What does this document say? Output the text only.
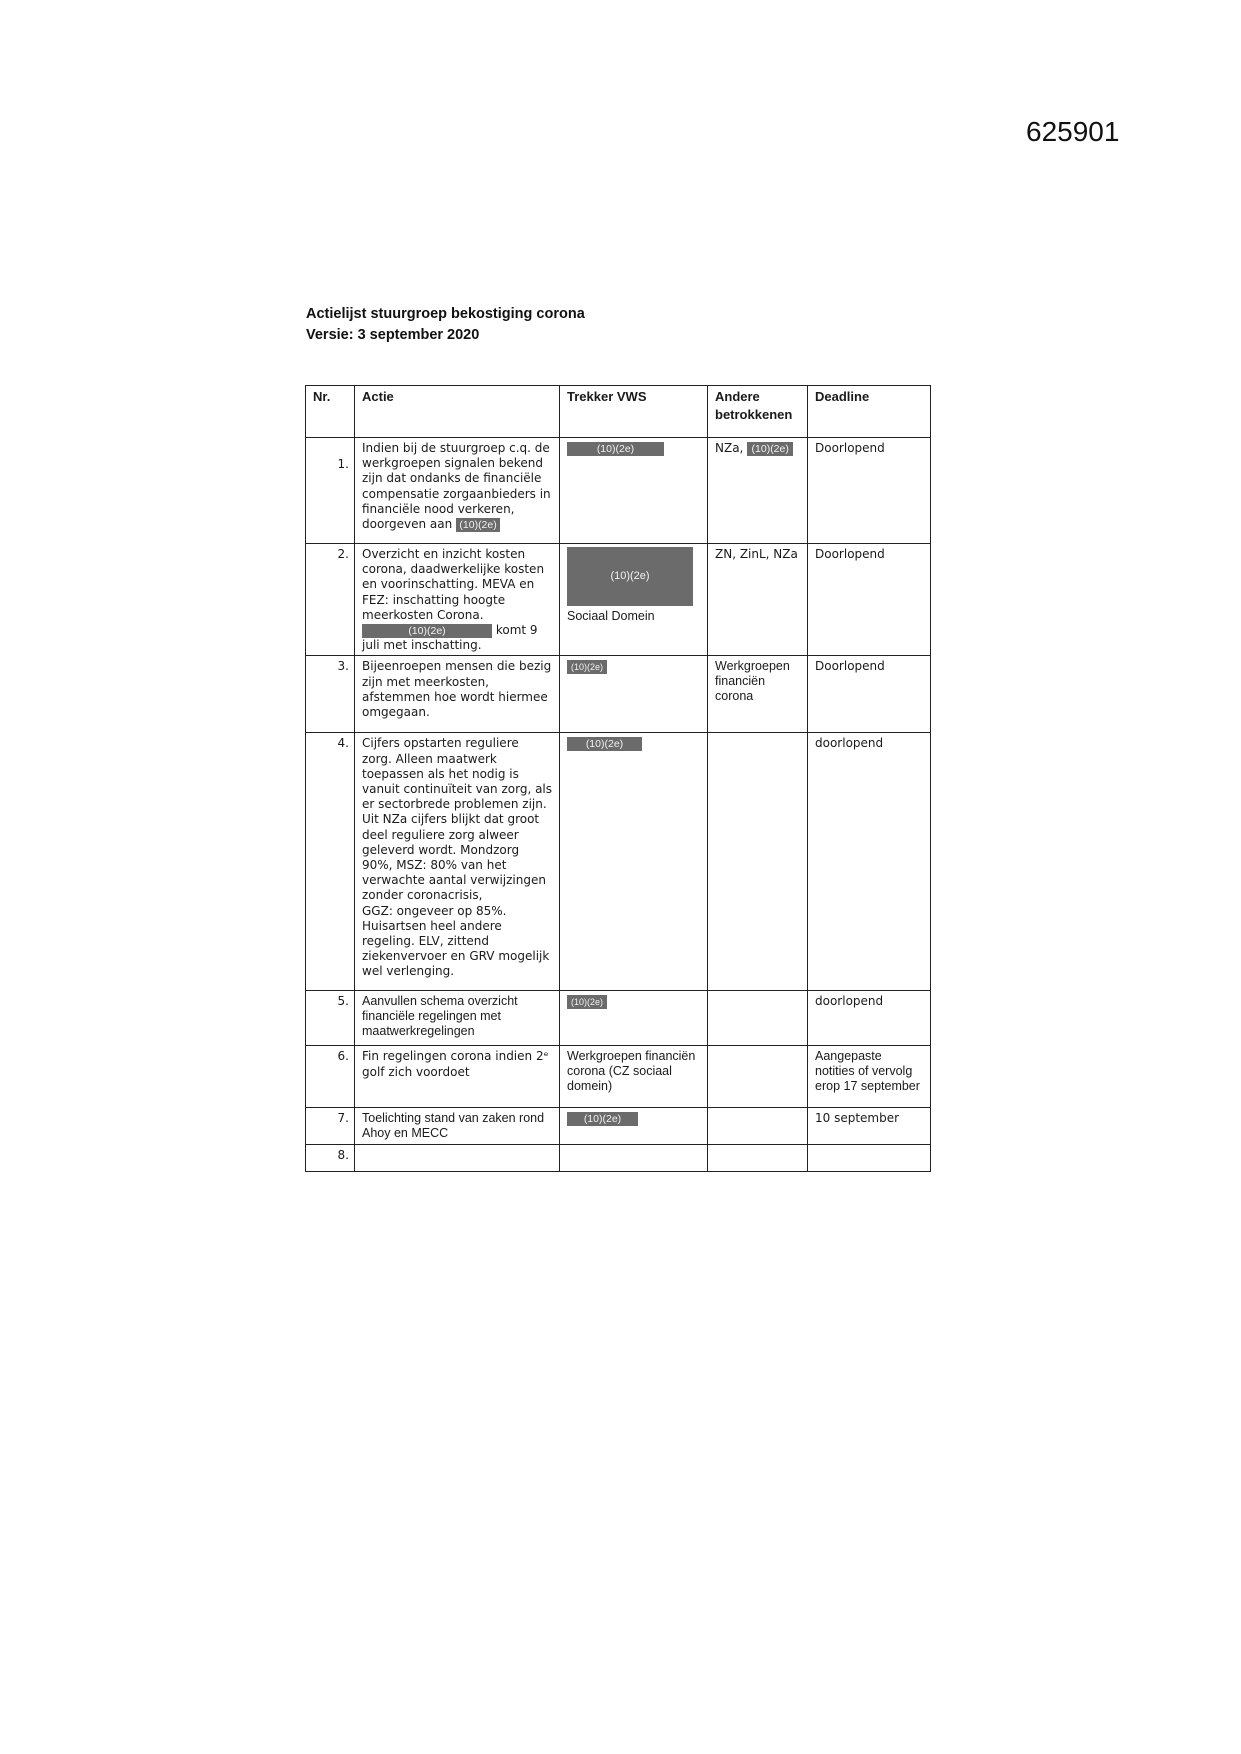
625901
Actielijst stuurgroep bekostiging corona
Versie: 3 september 2020
Nr.	Actie	Trekker VWS	Andere betrokkenen	Deadline
1.	Indien bij de stuurgroep c.q. de werkgroepen signalen bekend zijn dat ondanks de financiële compensatie zorgaanbieders in financiële nood verkeren, doorgeven aan (10)(2e)	(10)(2e)	NZa, (10)(2e)	Doorlopend
2.	Overzicht en inzicht kosten corona, daadwerkelijke kosten en voorinschatting. MEVA en FEZ: inschatting hoogte meerkosten Corona. (10)(2e) komt 9 juli met inschatting.	(10)(2e)
Sociaal Domein	ZN, ZinL, NZa	Doorlopend
3.	Bijeenroepen mensen die bezig zijn met meerkosten, afstemmen hoe wordt hiermee omgegaan.	(10)(2e)	Werkgroepen financiën corona	Doorlopend
4.	Cijfers opstarten reguliere zorg. Alleen maatwerk toepassen als het nodig is vanuit continuïteit van zorg, als er sectorbrede problemen zijn. Uit NZa cijfers blijkt dat groot deel reguliere zorg alweer geleverd wordt. Mondzorg 90%, MSZ: 80% van het verwachte aantal verwijzingen zonder coronacrisis,
GGZ: ongeveer op 85%.
Huisartsen heel andere regeling. ELV, zittend ziekenvervoer en GRV mogelijk wel verlenging.	(10)(2e)		doorlopend
5.	Aanvullen schema overzicht financiële regelingen met maatwerkregelingen	(10)(2e)		doorlopend
6.	Fin regelingen corona indien 2ᵉ golf zich voordoet	Werkgroepen financiën corona (CZ sociaal domein)		Aangepaste notities of vervolg erop 17 september
7.	Toelichting stand van zaken rond Ahoy en MECC	(10)(2e)		10 september
8.				
